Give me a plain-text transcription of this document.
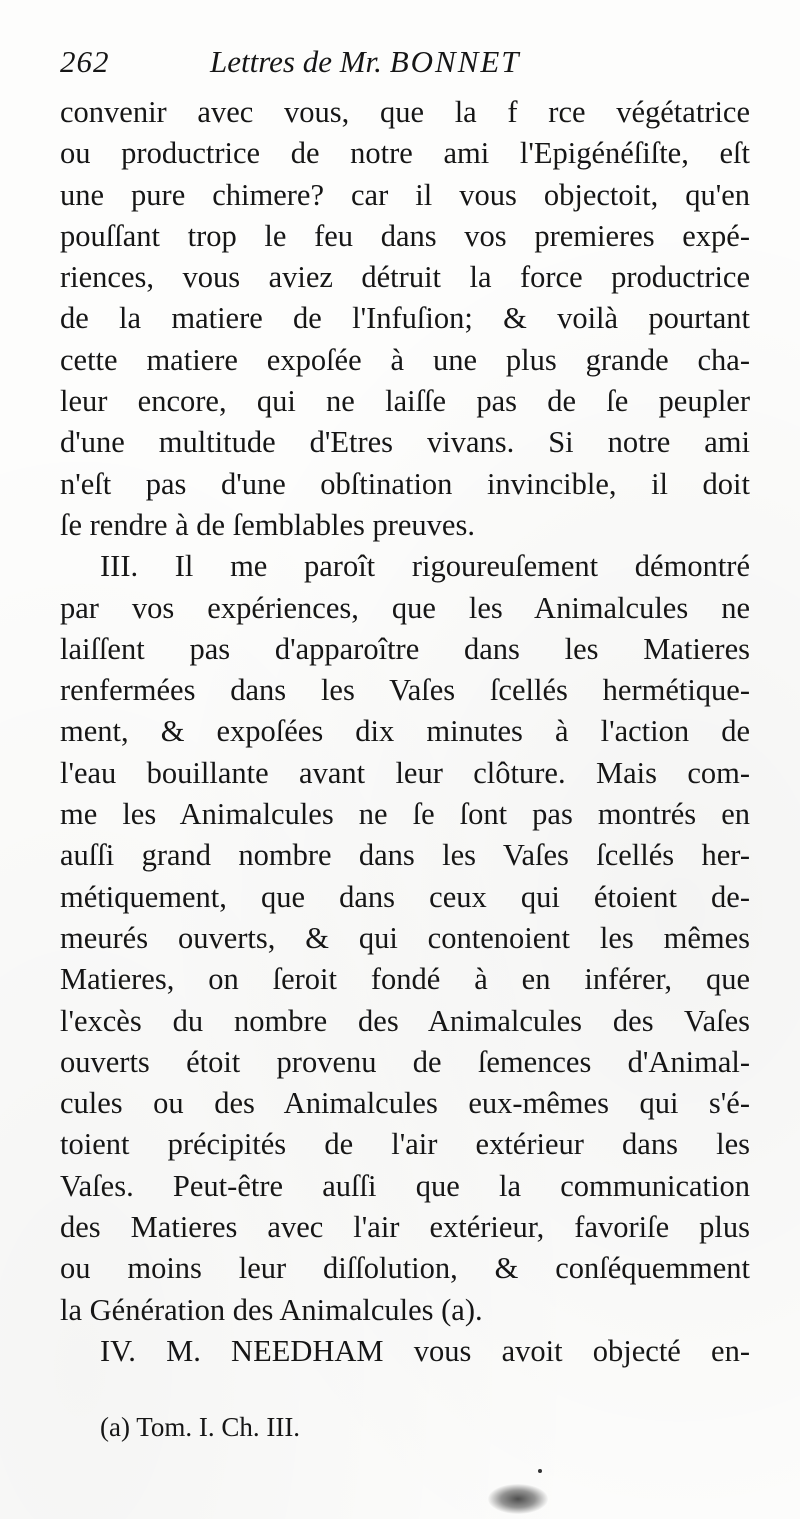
262	Lettres de Mr. BONNET
convenir avec vous, que la f rce végétatrice
ou productrice de notre ami l'Epigénéſiſte, eſt
une pure chimere? car il vous objectoit, qu'en
pouſſant trop le feu dans vos premieres expé-
riences, vous aviez détruit la force productrice
de la matiere de l'Infuſion; & voilà pourtant
cette matiere expoſée à une plus grande cha-
leur encore, qui ne laiſſe pas de ſe peupler
d'une multitude d'Etres vivans. Si notre ami
n'eſt pas d'une obſtination invincible, il doit
ſe rendre à de ſemblables preuves.
III. Il me paroît rigoureuſement démontré
par vos expériences, que les Animalcules ne
laiſſent pas d'apparoître dans les Matieres
renfermées dans les Vaſes ſcellés hermétique-
ment, & expoſées dix minutes à l'action de
l'eau bouillante avant leur clôture. Mais com-
me les Animalcules ne ſe ſont pas montrés en
auſſi grand nombre dans les Vaſes ſcellés her-
métiquement, que dans ceux qui étoient de-
meurés ouverts, & qui contenoient les mêmes
Matieres, on ſeroit fondé à en inférer, que
l'excès du nombre des Animalcules des Vaſes
ouverts étoit provenu de ſemences d'Animal-
cules ou des Animalcules eux-mêmes qui s'é-
toient précipités de l'air extérieur dans les
Vaſes. Peut-être auſſi que la communication
des Matieres avec l'air extérieur, favoriſe plus
ou moins leur diſſolution, & conſéquemment
la Génération des Animalcules (a).
IV. M. NEEDHAM vous avoit objecté en-
(a) Tom. I. Ch. III.
